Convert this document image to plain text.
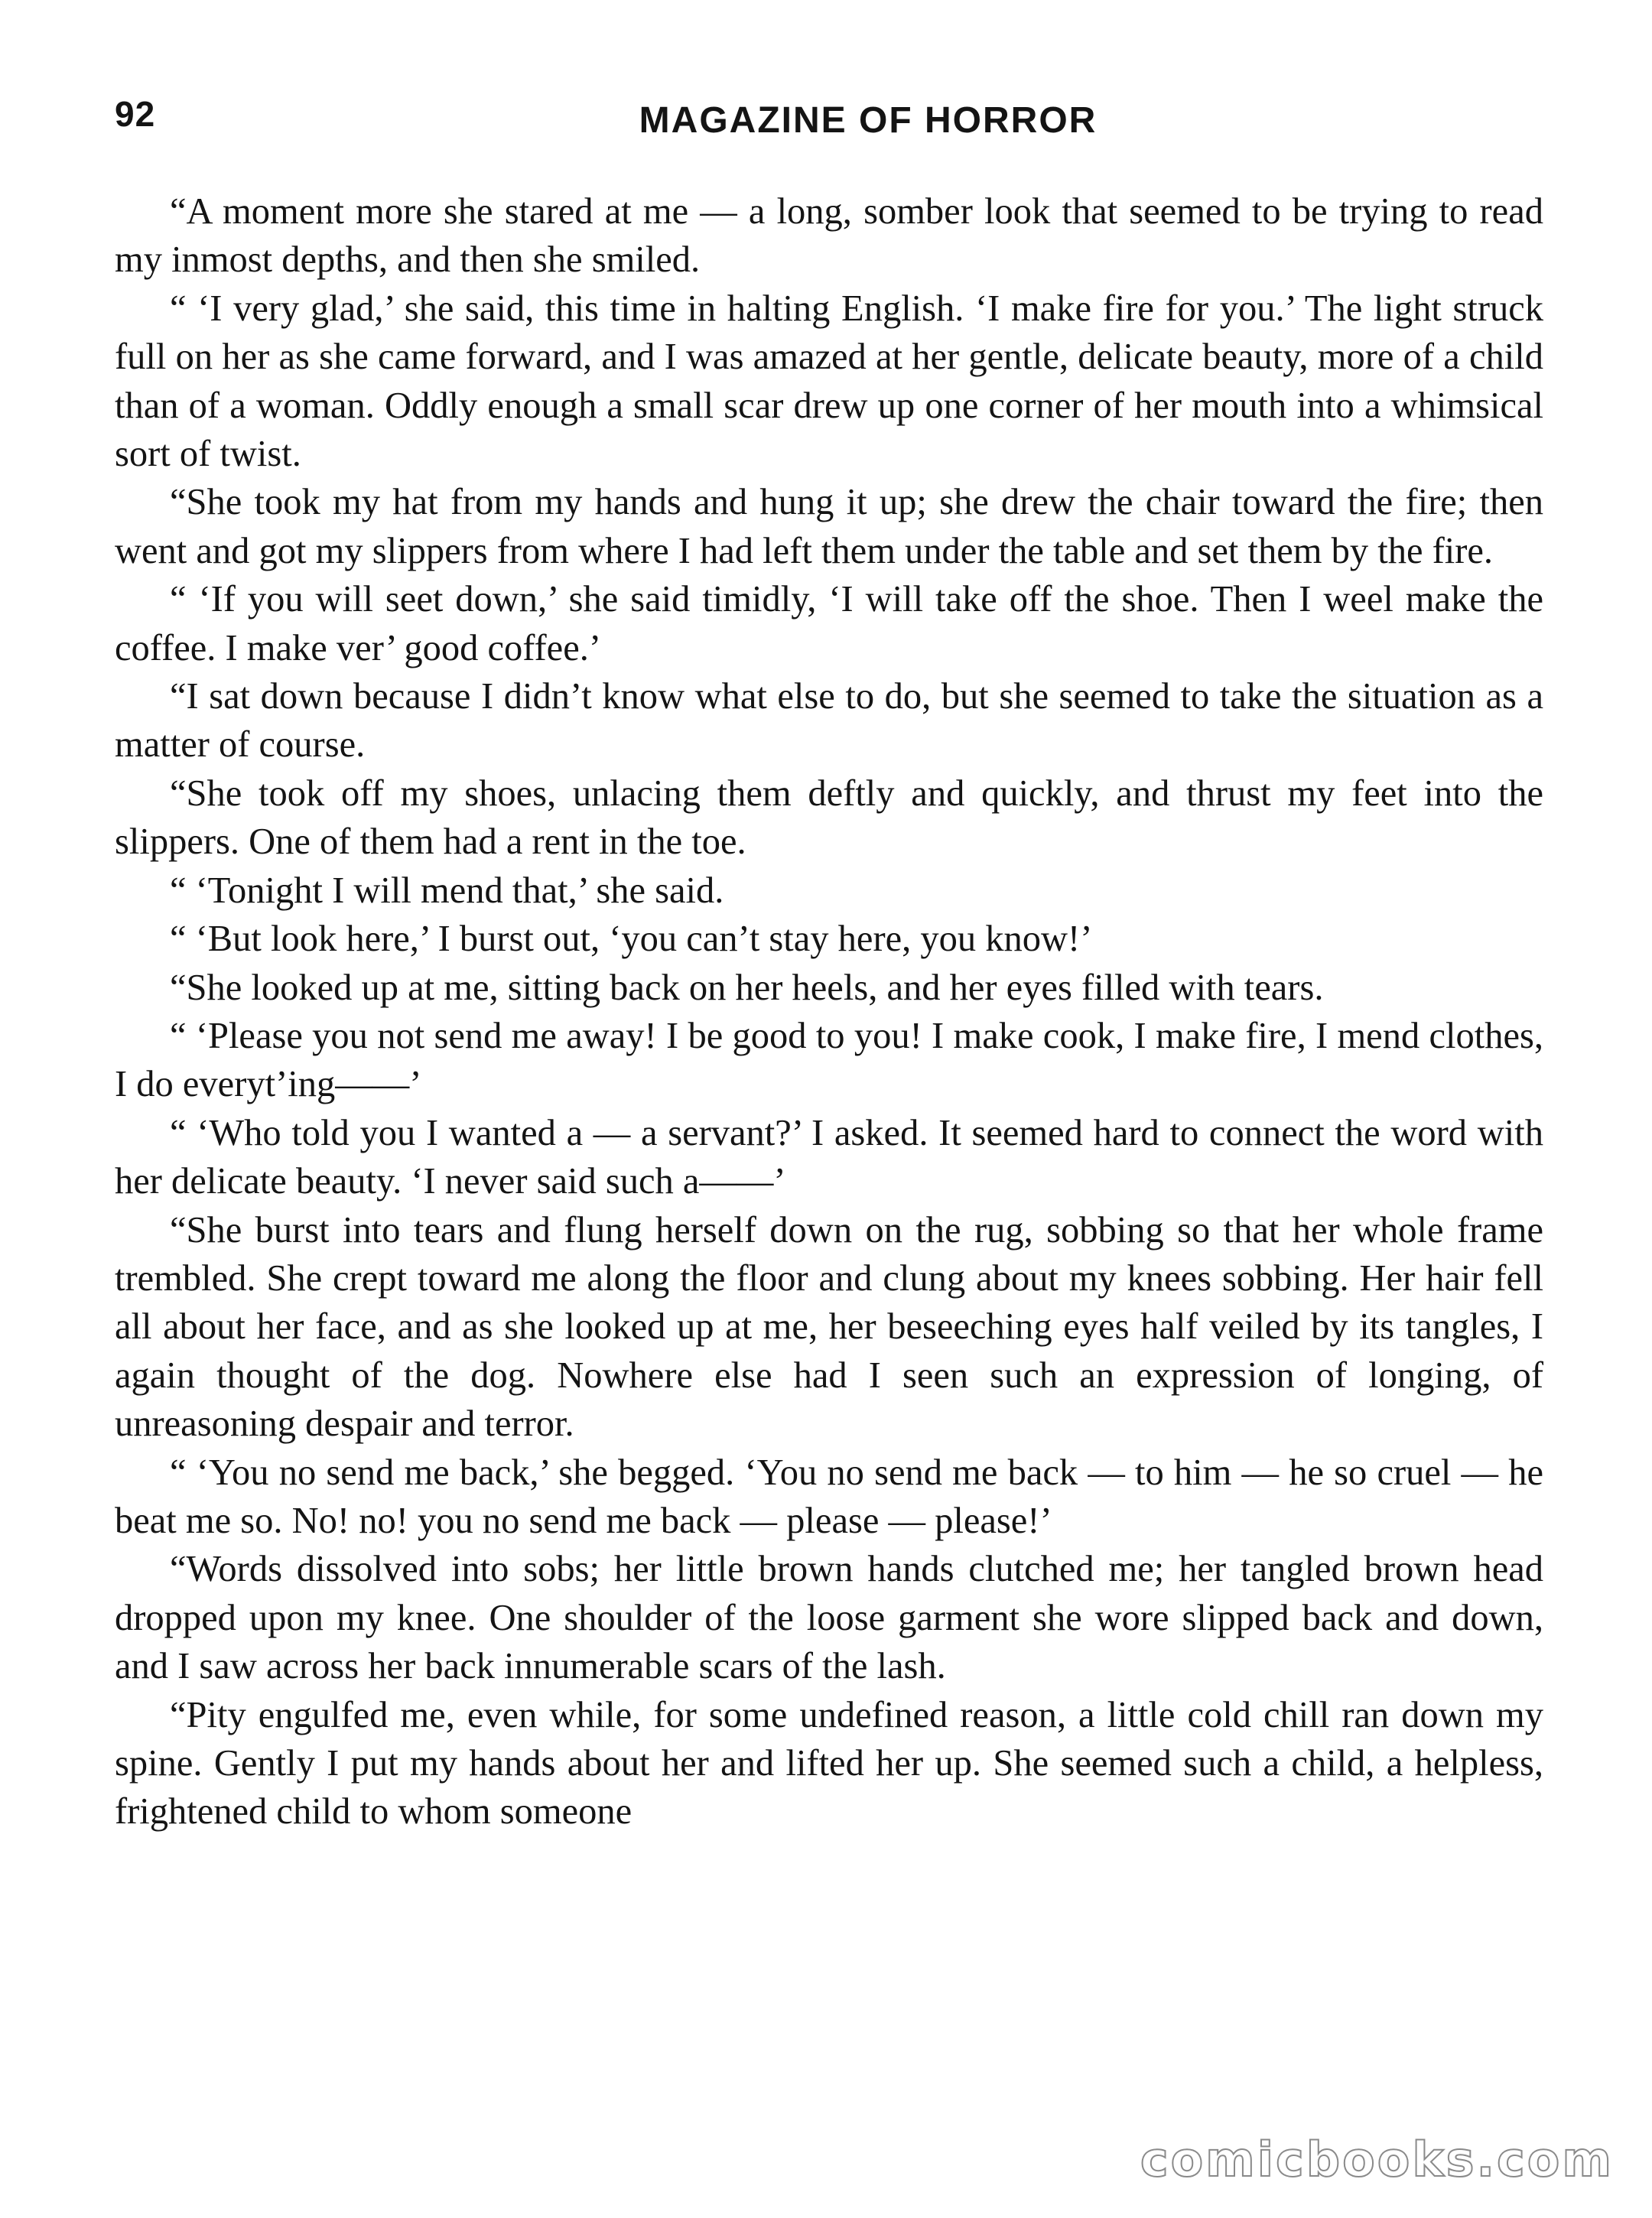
92	MAGAZINE OF HORROR

“A moment more she stared at me — a long, somber look that seemed to be trying to read my inmost depths, and then she smiled.

“ ‘I very glad,’ she said, this time in halting English. ‘I make fire for you.’ The light struck full on her as she came forward, and I was amazed at her gentle, delicate beauty, more of a child than of a woman. Oddly enough a small scar drew up one corner of her mouth into a whimsical sort of twist.

“She took my hat from my hands and hung it up; she drew the chair toward the fire; then went and got my slippers from where I had left them under the table and set them by the fire.

“ ‘If you will seet down,’ she said timidly, ‘I will take off the shoe. Then I weel make the coffee. I make ver’ good coffee.’

“I sat down because I didn’t know what else to do, but she seemed to take the situation as a matter of course.

“She took off my shoes, unlacing them deftly and quickly, and thrust my feet into the slippers. One of them had a rent in the toe.

“ ‘Tonight I will mend that,’ she said.

“ ‘But look here,’ I burst out, ‘you can’t stay here, you know!’

“She looked up at me, sitting back on her heels, and her eyes filled with tears.

“ ‘Please you not send me away! I be good to you! I make cook, I make fire, I mend clothes, I do everyt’ing——’

“ ‘Who told you I wanted a — a servant?’ I asked. It seemed hard to connect the word with her delicate beauty. ‘I never said such a——’

“She burst into tears and flung herself down on the rug, sobbing so that her whole frame trembled. She crept toward me along the floor and clung about my knees sobbing. Her hair fell all about her face, and as she looked up at me, her beseeching eyes half veiled by its tangles, I again thought of the dog. Nowhere else had I seen such an expression of longing, of unreasoning despair and terror.

“ ‘You no send me back,’ she begged. ‘You no send me back — to him — he so cruel — he beat me so. No! no! you no send me back — please — please!’

“Words dissolved into sobs; her little brown hands clutched me; her tangled brown head dropped upon my knee. One shoulder of the loose garment she wore slipped back and down, and I saw across her back innumerable scars of the lash.

“Pity engulfed me, even while, for some undefined reason, a little cold chill ran down my spine. Gently I put my hands about her and lifted her up. She seemed such a child, a helpless, frightened child to whom someone

comicbooks.com
